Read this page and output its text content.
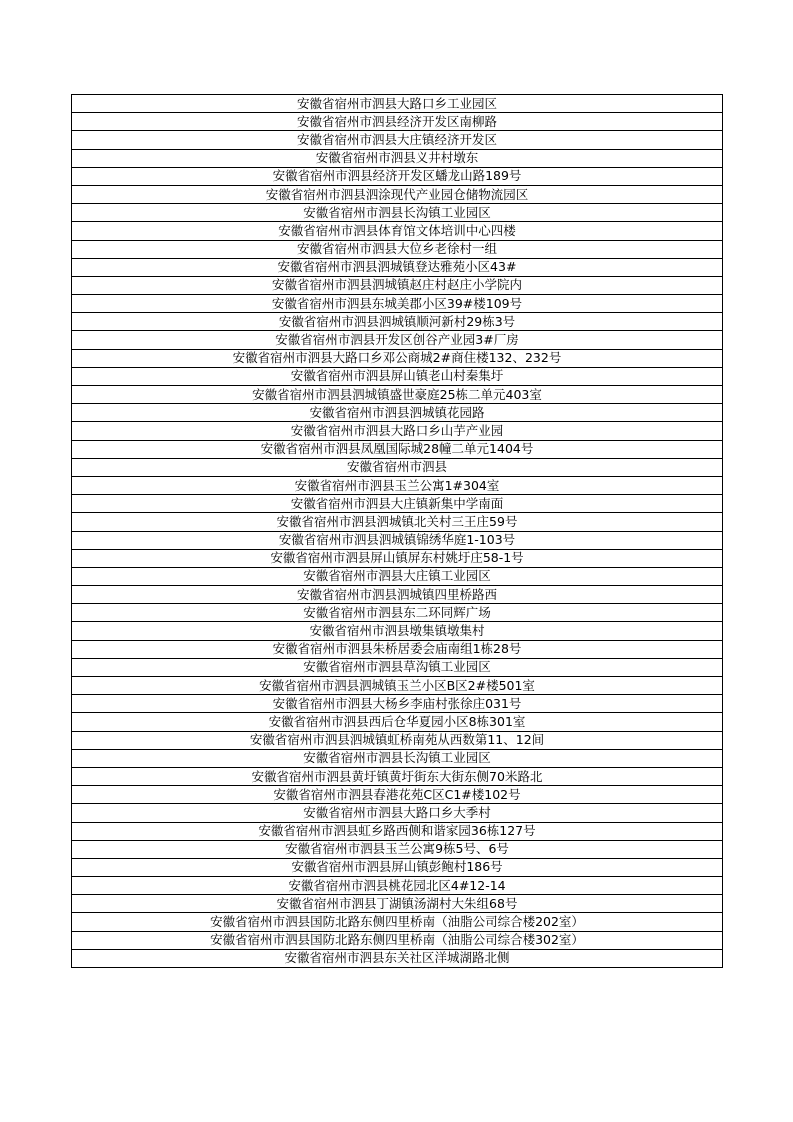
安徽省宿州市泗县大路口乡工业园区
安徽省宿州市泗县经济开发区南柳路
安徽省宿州市泗县大庄镇经济开发区
安徽省宿州市泗县义井村墩东
安徽省宿州市泗县经济开发区蟠龙山路189号
安徽省宿州市泗县泗涂现代产业园仓储物流园区
安徽省宿州市泗县长沟镇工业园区
安徽省宿州市泗县体育馆文体培训中心四楼
安徽省宿州市泗县大位乡老徐村一组
安徽省宿州市泗县泗城镇登达雅苑小区43#
安徽省宿州市泗县泗城镇赵庄村赵庄小学院内
安徽省宿州市泗县东城美郡小区39#楼109号
安徽省宿州市泗县泗城镇顺河新村29栋3号
安徽省宿州市泗县开发区创谷产业园3#厂房
安徽省宿州市泗县大路口乡邓公商城2#商住楼132、232号
安徽省宿州市泗县屏山镇老山村秦集圩
安徽省宿州市泗县泗城镇盛世豪庭25栋二单元403室
安徽省宿州市泗县泗城镇花园路
安徽省宿州市泗县大路口乡山芋产业园
安徽省宿州市泗县凤凰国际城28幢二单元1404号
安徽省宿州市泗县
安徽省宿州市泗县玉兰公寓1#304室
安徽省宿州市泗县大庄镇新集中学南面
安徽省宿州市泗县泗城镇北关村三王庄59号
安徽省宿州市泗县泗城镇锦绣华庭1-103号
安徽省宿州市泗县屏山镇屏东村姚圩庄58-1号
安徽省宿州市泗县大庄镇工业园区
安徽省宿州市泗县泗城镇四里桥路西
安徽省宿州市泗县东二环同辉广场
安徽省宿州市泗县墩集镇墩集村
安徽省宿州市泗县朱桥居委会庙南组1栋28号
安徽省宿州市泗县草沟镇工业园区
安徽省宿州市泗县泗城镇玉兰小区B区2#楼501室
安徽省宿州市泗县大杨乡李庙村张徐庄031号
安徽省宿州市泗县西后仓华夏园小区8栋301室
安徽省宿州市泗县泗城镇虹桥南苑从西数第11、12间
安徽省宿州市泗县长沟镇工业园区
安徽省宿州市泗县黄圩镇黄圩街东大街东侧70米路北
安徽省宿州市泗县春港花苑C区C1#楼102号
安徽省宿州市泗县大路口乡大季村
安徽省宿州市泗县虹乡路西侧和谐家园36栋127号
安徽省宿州市泗县玉兰公寓9栋5号、6号
安徽省宿州市泗县屏山镇彭鲍村186号
安徽省宿州市泗县桃花园北区4#12-14
安徽省宿州市泗县丁湖镇汤湖村大朱组68号
安徽省宿州市泗县国防北路东侧四里桥南（油脂公司综合楼202室）
安徽省宿州市泗县国防北路东侧四里桥南（油脂公司综合楼302室）
安徽省宿州市泗县东关社区洋城湖路北侧
